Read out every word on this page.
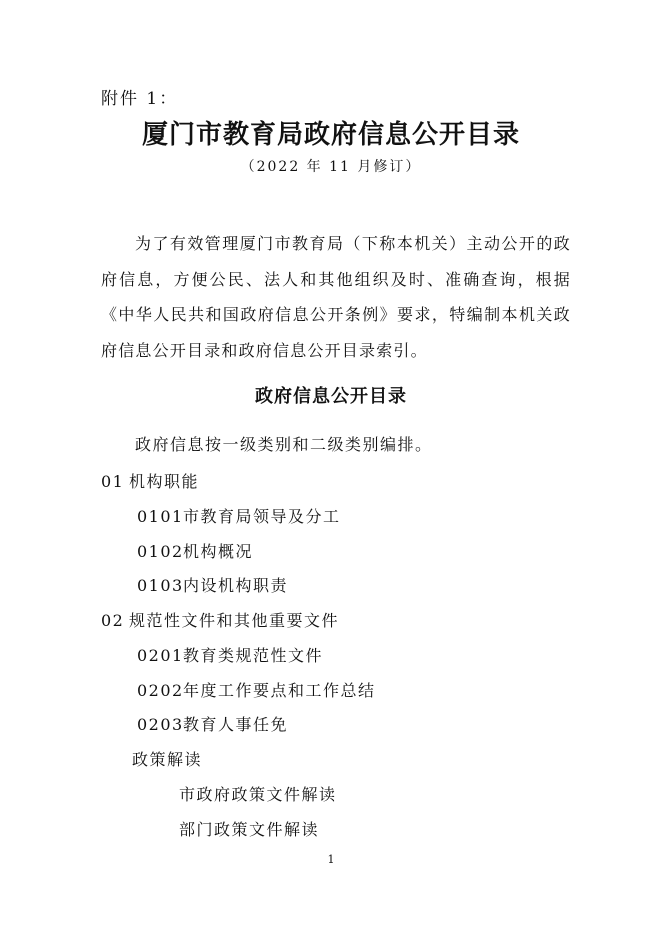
附件 1：
厦门市教育局政府信息公开目录
（2022 年 11 月修订）
为了有效管理厦门市教育局（下称本机关）主动公开的政府信息，方便公民、法人和其他组织及时、准确查询，根据《中华人民共和国政府信息公开条例》要求，特编制本机关政府信息公开目录和政府信息公开目录索引。
政府信息公开目录
政府信息按一级类别和二级类别编排。
01 机构职能
0101市教育局领导及分工
0102机构概况
0103内设机构职责
02 规范性文件和其他重要文件
0201教育类规范性文件
0202年度工作要点和工作总结
0203教育人事任免
政策解读
市政府政策文件解读
部门政策文件解读
1
